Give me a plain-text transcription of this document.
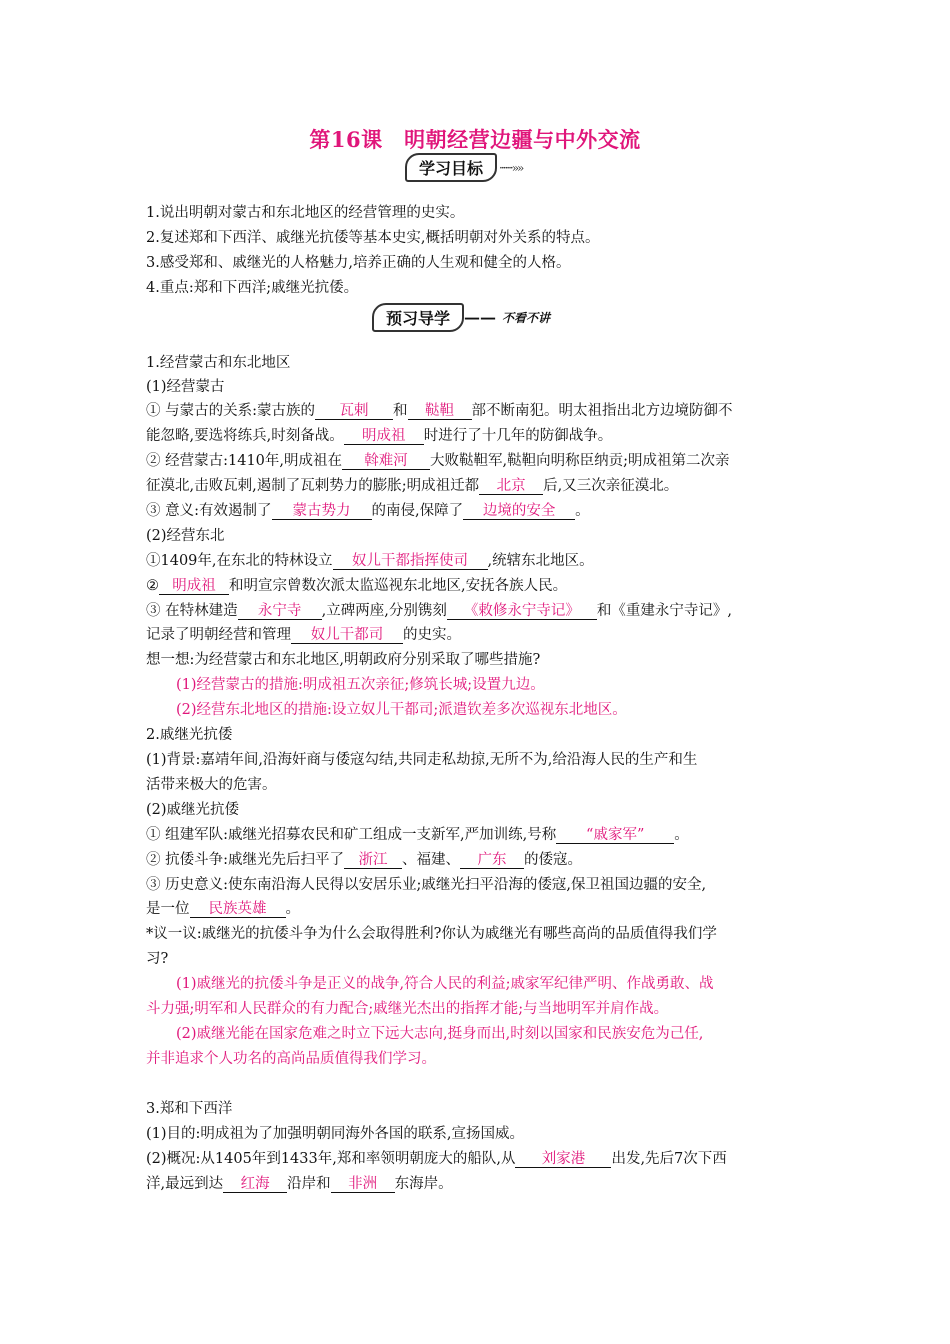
第16课　明朝经营边疆与中外交流
学习目标	·······»»
1.说出明朝对蒙古和东北地区的经营管理的史实。
2.复述郑和下西洋、戚继光抗倭等基本史实,概括明朝对外关系的特点。
3.感受郑和、戚继光的人格魅力,培养正确的人生观和健全的人格。
4.重点:郑和下西洋;戚继光抗倭。
预习导学 —— 不看不讲
1.经营蒙古和东北地区
(1)经营蒙古
① 与蒙古的关系:蒙古族的 瓦剌 和 鞑靼 部不断南犯。明太祖指出北方边境防御不
能忽略,要选将练兵,时刻备战。 明成祖 时进行了十几年的防御战争。
② 经营蒙古:1410年,明成祖在 斡难河 大败鞑靼军,鞑靼向明称臣纳贡;明成祖第二次亲
征漠北,击败瓦剌,遏制了瓦剌势力的膨胀;明成祖迁都 北京 后,又三次亲征漠北。
③ 意义:有效遏制了 蒙古势力 的南侵,保障了 边境的安全 。
(2)经营东北
①1409年,在东北的特林设立 奴儿干都指挥使司 ,统辖东北地区。
② 明成祖 和明宣宗曾数次派太监巡视东北地区,安抚各族人民。
③ 在特林建造 永宁寺 ,立碑两座,分别镌刻 《敕修永宁寺记》 和《重建永宁寺记》,
记录了明朝经营和管理 奴儿干都司 的史实。
想一想:为经营蒙古和东北地区,明朝政府分别采取了哪些措施?
(1)经营蒙古的措施:明成祖五次亲征;修筑长城;设置九边。
(2)经营东北地区的措施:设立奴儿干都司;派遣钦差多次巡视东北地区。
2.戚继光抗倭
(1)背景:嘉靖年间,沿海奸商与倭寇勾结,共同走私劫掠,无所不为,给沿海人民的生产和生
活带来极大的危害。
(2)戚继光抗倭
① 组建军队:戚继光招募农民和矿工组成一支新军,严加训练,号称 “戚家军” 。
② 抗倭斗争:戚继光先后扫平了 浙江 、福建、 广东 的倭寇。
③ 历史意义:使东南沿海人民得以安居乐业;戚继光扫平沿海的倭寇,保卫祖国边疆的安全,
是一位 民族英雄 。
*议一议:戚继光的抗倭斗争为什么会取得胜利?你认为戚继光有哪些高尚的品质值得我们学
习?
(1)戚继光的抗倭斗争是正义的战争,符合人民的利益;戚家军纪律严明、作战勇敢、战
斗力强;明军和人民群众的有力配合;戚继光杰出的指挥才能;与当地明军并肩作战。
(2)戚继光能在国家危难之时立下远大志向,挺身而出,时刻以国家和民族安危为己任,
并非追求个人功名的高尚品质值得我们学习。
3.郑和下西洋
(1)目的:明成祖为了加强明朝同海外各国的联系,宣扬国威。
(2)概况:从1405年到1433年,郑和率领明朝庞大的船队,从 刘家港 出发,先后7次下西
洋,最远到达 红海 沿岸和 非洲 东海岸。
